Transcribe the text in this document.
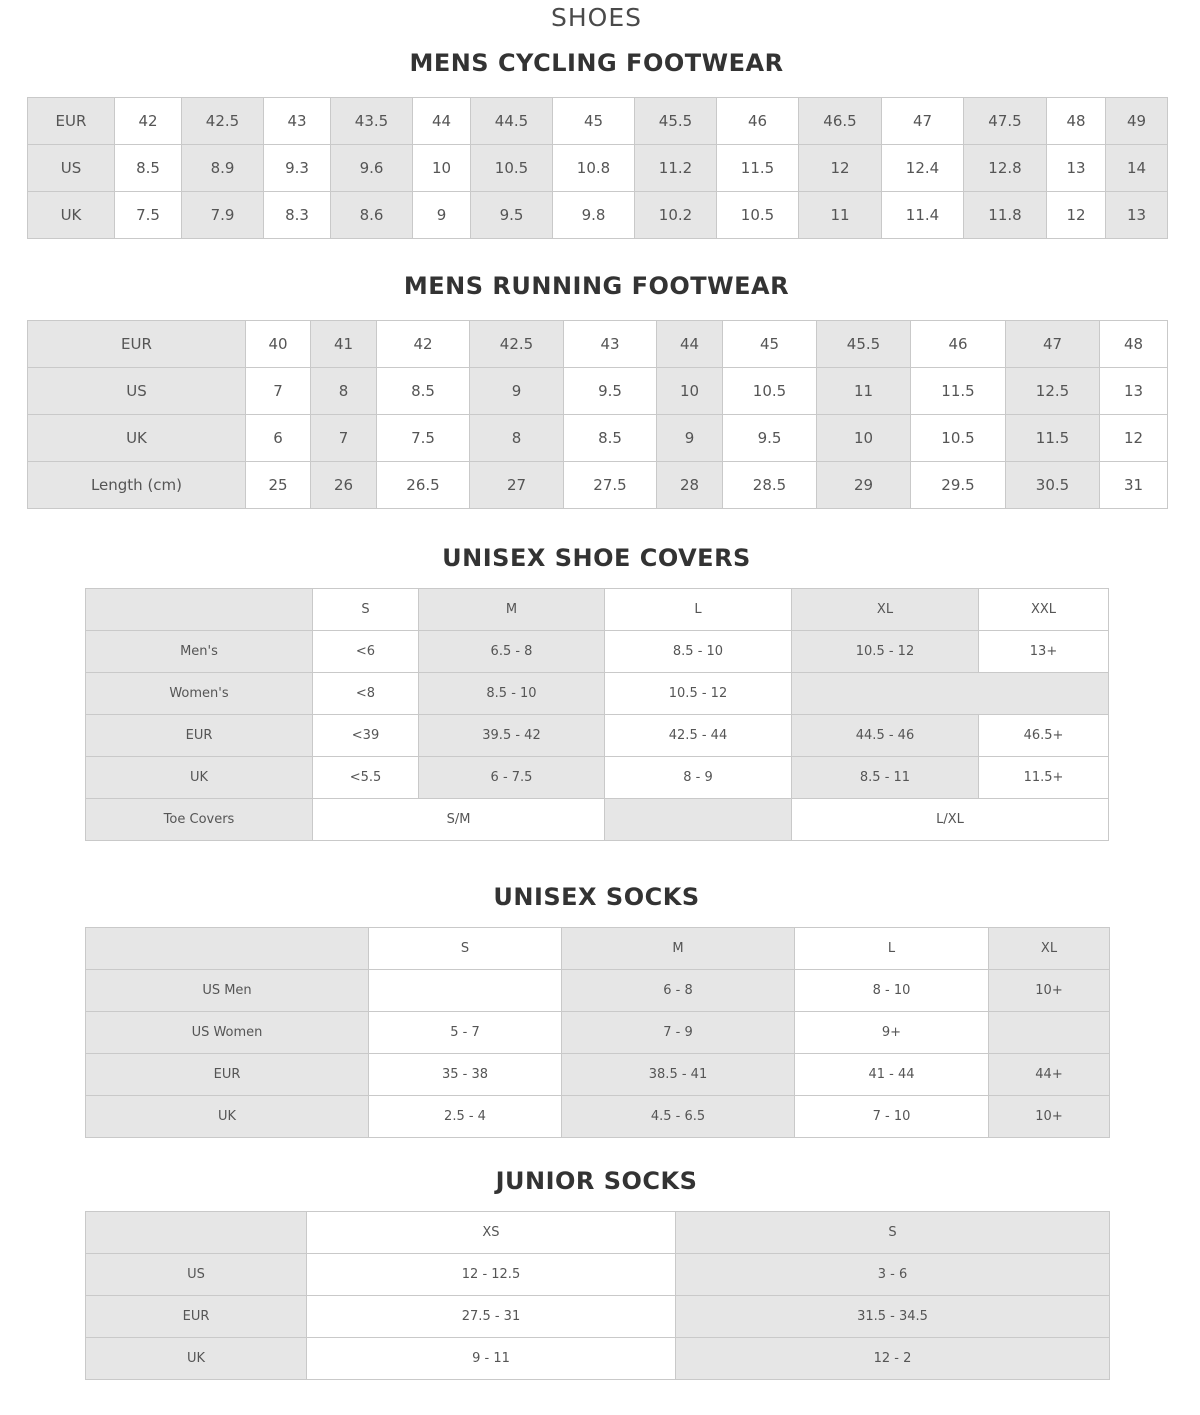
SHOES
MENS CYCLING FOOTWEAR
EUR	42	42.5	43	43.5	44	44.5	45	45.5	46	46.5	47	47.5	48	49
US	8.5	8.9	9.3	9.6	10	10.5	10.8	11.2	11.5	12	12.4	12.8	13	14
UK	7.5	7.9	8.3	8.6	9	9.5	9.8	10.2	10.5	11	11.4	11.8	12	13
MENS RUNNING FOOTWEAR
EUR	40	41	42	42.5	43	44	45	45.5	46	47	48
US	7	8	8.5	9	9.5	10	10.5	11	11.5	12.5	13
UK	6	7	7.5	8	8.5	9	9.5	10	10.5	11.5	12
Length (cm)	25	26	26.5	27	27.5	28	28.5	29	29.5	30.5	31
UNISEX SHOE COVERS
	S	M	L	XL	XXL
Men's	<6	6.5 - 8	8.5 - 10	10.5 - 12	13+
Women's	<8	8.5 - 10	10.5 - 12		
EUR	<39	39.5 - 42	42.5 - 44	44.5 - 46	46.5+
UK	<5.5	6 - 7.5	8 - 9	8.5 - 11	11.5+
Toe Covers	S/M			L/XL	
UNISEX SOCKS
	S	M	L	XL
US Men		6 - 8	8 - 10	10+
US Women	5 - 7	7 - 9	9+	
EUR	35 - 38	38.5 - 41	41 - 44	44+
UK	2.5 - 4	4.5 - 6.5	7 - 10	10+
JUNIOR SOCKS
	XS	S
US	12 - 12.5	3 - 6
EUR	27.5 - 31	31.5 - 34.5
UK	9 - 11	12 - 2
